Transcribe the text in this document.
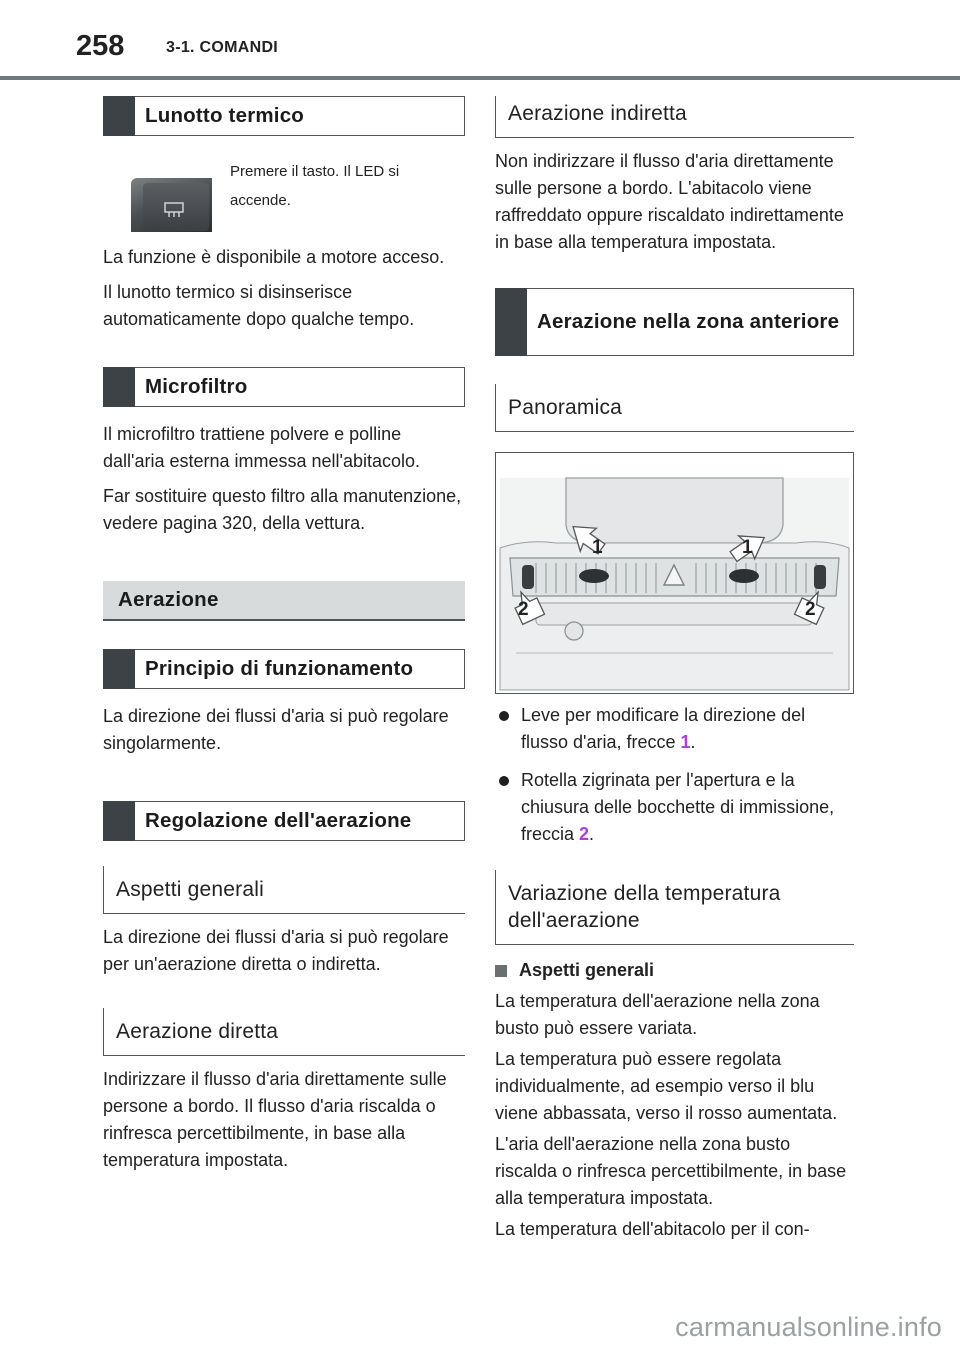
258	3-1. COMANDI
Lunotto termico

Premere il tasto. Il LED si

accende.

La funzione è disponibile a motore acceso.

Il lunotto termico si disinserisce automaticamente dopo qualche tempo.

Microfiltro

Il microfiltro trattiene polvere e polline dall'aria esterna immessa nell'abitacolo.

Far sostituire questo filtro alla manutenzione, vedere pagina 320, della vettura.

Aerazione
Principio di funzionamento

La direzione dei flussi d'aria si può regolare singolarmente.

Regolazione dell'aerazione
Aspetti generali

La direzione dei flussi d'aria si può regolare per un'aerazione diretta o indiretta.

Aerazione diretta

Indirizzare il flusso d'aria direttamente sulle persone a bordo. Il flusso d'aria riscalda o rinfresca percettibilmente, in base alla temperatura impostata.

Aerazione indiretta

Non indirizzare il flusso d'aria direttamente sulle persone a bordo. L'abitacolo viene raffreddato oppure riscaldato indirettamente in base alla temperatura impostata.

Aerazione nella zona anteriore
Panoramica
1	1
2	2
Leve per modificare la direzione del flusso d'aria, frecce 1.
Rotella zigrinata per l'apertura e la chiusura delle bocchette di immissione, freccia 2.
Variazione della temperatura dell'aerazione
Aspetti generali

La temperatura dell'aerazione nella zona busto può essere variata.

La temperatura può essere regolata individualmente, ad esempio verso il blu viene abbassata, verso il rosso aumentata.

L'aria dell'aerazione nella zona busto riscalda o rinfresca percettibilmente, in base alla temperatura impostata.

La temperatura dell'abitacolo per il con-

carmanualsonline.info
